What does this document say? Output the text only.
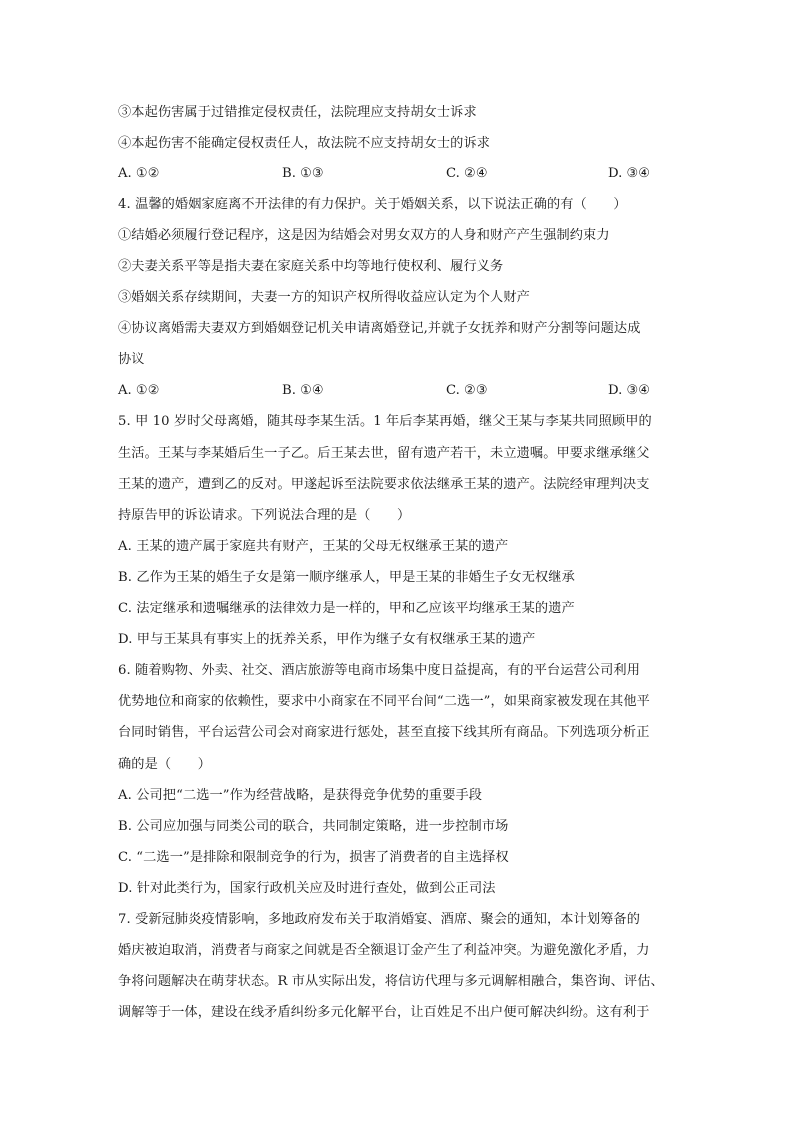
③本起伤害属于过错推定侵权责任，法院理应支持胡女士诉求
④本起伤害不能确定侵权责任人，故法院不应支持胡女士的诉求
A. ①②	B. ①③	C. ②④	D. ③④
4. 温馨的婚姻家庭离不开法律的有力保护。关于婚姻关系，以下说法正确的有（　　）
①结婚必须履行登记程序，这是因为结婚会对男女双方的人身和财产产生强制约束力
②夫妻关系平等是指夫妻在家庭关系中均等地行使权利、履行义务
③婚姻关系存续期间，夫妻一方的知识产权所得收益应认定为个人财产
④协议离婚需夫妻双方到婚姻登记机关申请离婚登记,并就子女抚养和财产分割等问题达成
协议
A. ①②	B. ①④	C. ②③	D. ③④
5. 甲 10 岁时父母离婚，随其母李某生活。1 年后李某再婚，继父王某与李某共同照顾甲的
生活。王某与李某婚后生一子乙。后王某去世，留有遗产若干，未立遗嘱。甲要求继承继父
王某的遗产，遭到乙的反对。甲遂起诉至法院要求依法继承王某的遗产。法院经审理判决支
持原告甲的诉讼请求。下列说法合理的是（　　）
A. 王某的遗产属于家庭共有财产，王某的父母无权继承王某的遗产
B. 乙作为王某的婚生子女是第一顺序继承人，甲是王某的非婚生子女无权继承
C. 法定继承和遗嘱继承的法律效力是一样的，甲和乙应该平均继承王某的遗产
D. 甲与王某具有事实上的抚养关系，甲作为继子女有权继承王某的遗产
6. 随着购物、外卖、社交、酒店旅游等电商市场集中度日益提高，有的平台运营公司利用
优势地位和商家的依赖性，要求中小商家在不同平台间“二选一”，如果商家被发现在其他平
台同时销售，平台运营公司会对商家进行惩处，甚至直接下线其所有商品。下列选项分析正
确的是（　　）
A. 公司把“二选一”作为经营战略，是获得竞争优势的重要手段
B. 公司应加强与同类公司的联合，共同制定策略，进一步控制市场
C. “二选一”是排除和限制竞争的行为，损害了消费者的自主选择权
D. 针对此类行为，国家行政机关应及时进行查处，做到公正司法
7. 受新冠肺炎疫情影响，多地政府发布关于取消婚宴、酒席、聚会的通知，本计划筹备的
婚庆被迫取消，消费者与商家之间就是否全额退订金产生了利益冲突。为避免激化矛盾，力
争将问题解决在萌芽状态。R 市从实际出发，将信访代理与多元调解相融合，集咨询、评估、
调解等于一体，建设在线矛盾纠纷多元化解平台，让百姓足不出户便可解决纠纷。这有利于
